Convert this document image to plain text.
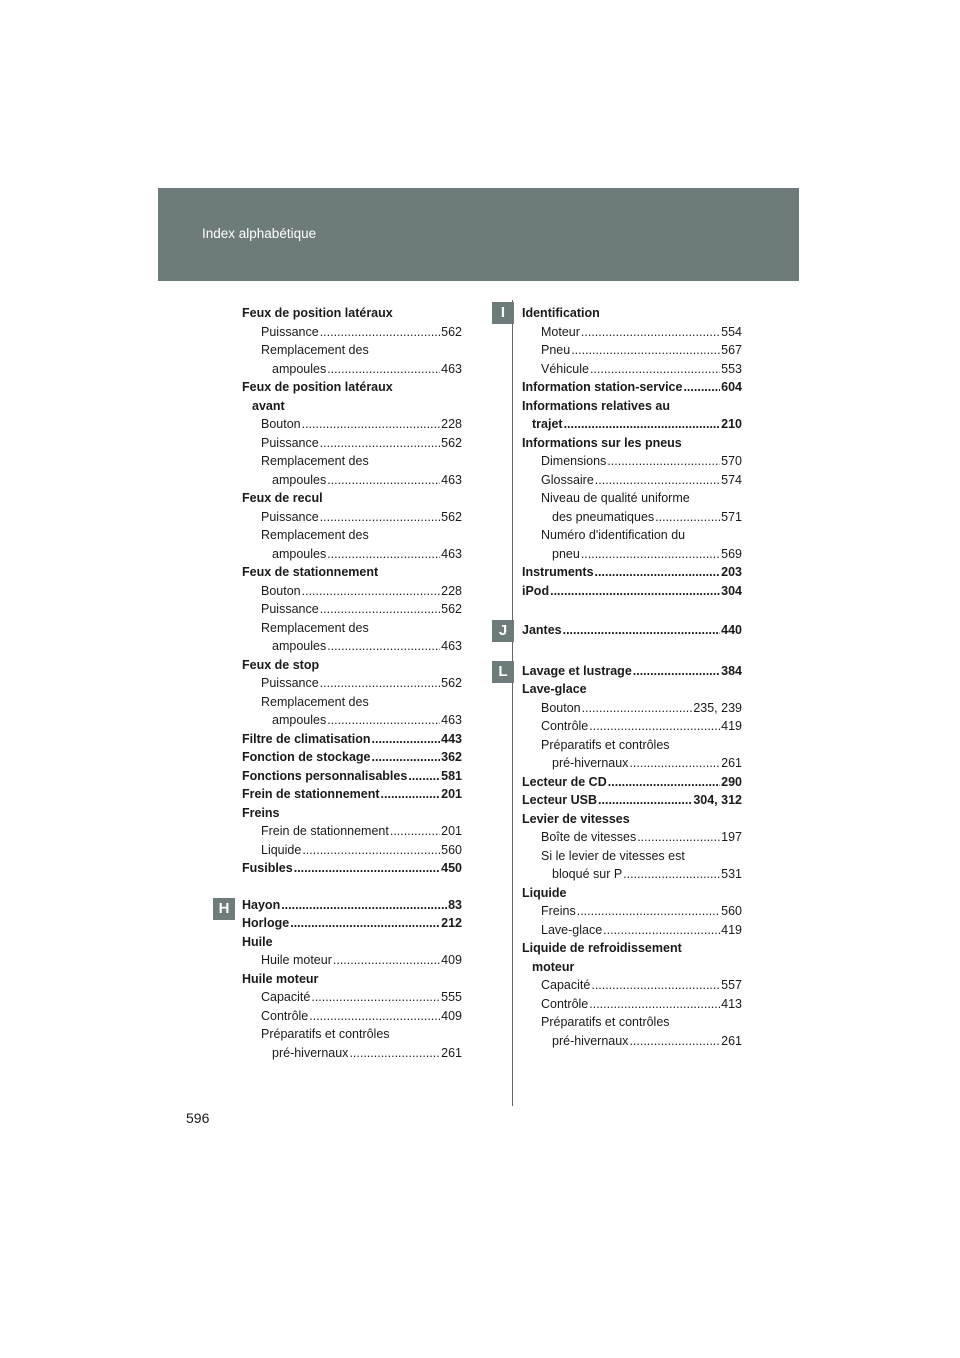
Index alphabétique
H
I
J
L
Feux de position latéraux
Puissance .....	562
Remplacement des
ampoules .....	463
Feux de position latéraux
avant
Bouton .....	228
Puissance .....	562
Remplacement des
ampoules .....	463
Feux de recul
Puissance .....	562
Remplacement des
ampoules .....	463
Feux de stationnement
Bouton .....	228
Puissance .....	562
Remplacement des
ampoules .....	463
Feux de stop
Puissance .....	562
Remplacement des
ampoules .....	463
Filtre de climatisation .....	443
Fonction de stockage .....	362
Fonctions personnalisables .....	581
Frein de stationnement .....	201
Freins
Frein de stationnement .....	201
Liquide .....	560
Fusibles .....	450
Hayon .....	83
Horloge .....	212
Huile
Huile moteur .....	409
Huile moteur
Capacité .....	555
Contrôle .....	409
Préparatifs et contrôles
pré-hivernaux .....	261
Identification
Moteur .....	554
Pneu .....	567
Véhicule .....	553
Information station-service .....	604
Informations relatives au
trajet .....	210
Informations sur les pneus
Dimensions .....	570
Glossaire .....	574
Niveau de qualité uniforme
des pneumatiques .....	571
Numéro d'identification du
pneu .....	569
Instruments .....	203
iPod .....	304
Jantes .....	440
Lavage et lustrage .....	384
Lave-glace
Bouton .....	235, 239
Contrôle .....	419
Préparatifs et contrôles
pré-hivernaux .....	261
Lecteur de CD .....	290
Lecteur USB .....	304, 312
Levier de vitesses
Boîte de vitesses .....	197
Si le levier de vitesses est
bloqué sur P .....	531
Liquide
Freins .....	560
Lave-glace .....	419
Liquide de refroidissement
moteur
Capacité .....	557
Contrôle .....	413
Préparatifs et contrôles
pré-hivernaux .....	261
596
